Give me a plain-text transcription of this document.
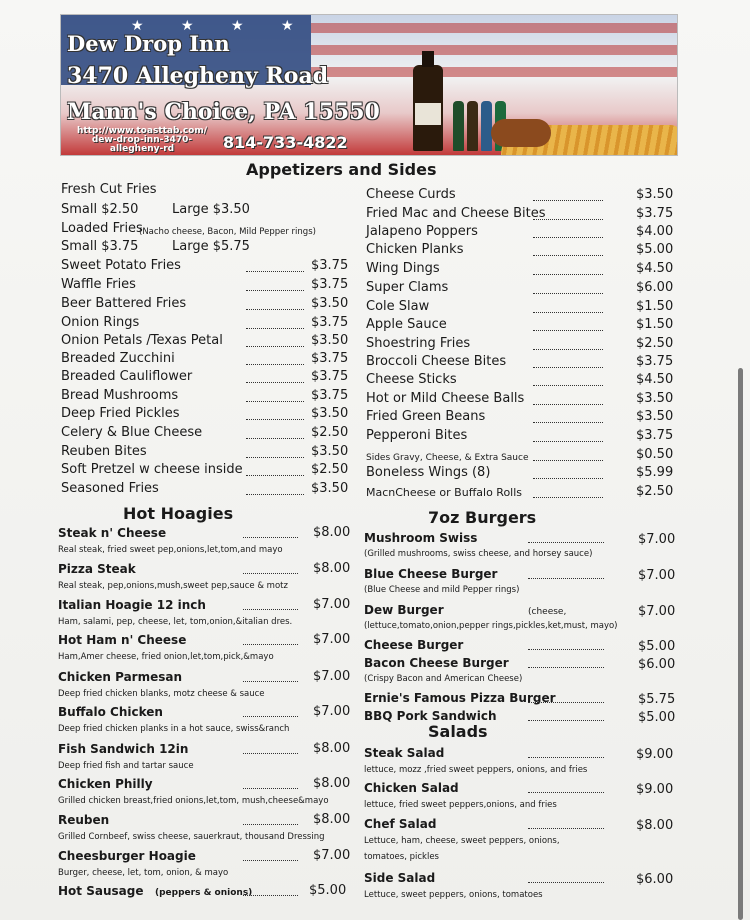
★	★	★	★
Dew Drop Inn
3470 Allegheny Road
Mann's Choice, PA 15550
http://www.toasttab.com/
dew-drop-inn-3470-
allegheny-rd	814-733-4822
Appetizers and Sides
Hot Hoagies	7oz Burgers
Salads
Fresh Cut Fries
Small $2.50	Large $3.50
Loaded Fries
(Nacho cheese, Bacon, Mild Pepper rings)
Small $3.75	Large $5.75
Sweet Potato Fries	$3.75
Waffle Fries	$3.75
Beer Battered Fries	$3.50
Onion Rings	$3.75
Onion Petals /Texas Petal	$3.50
Breaded Zucchini	$3.75
Breaded Cauliflower	$3.75
Bread Mushrooms	$3.75
Deep Fried Pickles	$3.50
Celery & Blue Cheese	$2.50
Reuben Bites	$3.50
Soft Pretzel w cheese inside	$2.50
Seasoned Fries	$3.50
Cheese Curds	$3.50
Fried Mac and Cheese Bites	$3.75
Jalapeno Poppers	$4.00
Chicken Planks	$5.00
Wing Dings	$4.50
Super Clams	$6.00
Cole Slaw	$1.50
Apple Sauce	$1.50
Shoestring Fries	$2.50
Broccoli Cheese Bites	$3.75
Cheese Sticks	$4.50
Hot or Mild Cheese Balls	$3.50
Fried Green Beans	$3.50
Pepperoni Bites	$3.75
Sides Gravy, Cheese, & Extra Sauce	$0.50
Boneless Wings (8)	$5.99
MacnCheese or Buffalo Rolls	$2.50
Steak n' Cheese	$8.00
Real steak, fried sweet pep,onions,let,tom,and mayo
Pizza Steak	$8.00
Real steak, pep,onions,mush,sweet pep,sauce & motz
Italian Hoagie 12 inch	$7.00
Ham, salami, pep, cheese, let, tom,onion,&italian dres.
Hot Ham n' Cheese	$7.00
Ham,Amer cheese, fried onion,let,tom,pick,&mayo
Chicken Parmesan	$7.00
Deep fried chicken blanks, motz cheese & sauce
Buffalo Chicken	$7.00
Deep fried chicken planks in a hot sauce, swiss&ranch
Fish Sandwich 12in	$8.00
Deep fried fish and tartar sauce
Chicken Philly	$8.00
Grilled chicken breast,fried onions,let,tom, mush,cheese&mayo
Reuben	$8.00
Grilled Cornbeef, swiss cheese, sauerkraut, thousand Dressing
Cheesburger Hoagie	$7.00
Burger, cheese, let, tom, onion, & mayo
Hot Sausage (peppers & onions)	$5.00
Mushroom Swiss	$7.00
(Grilled mushrooms, swiss cheese, and horsey sauce)
Blue Cheese Burger	$7.00
(Blue Cheese and mild Pepper rings)
Dew Burger	(cheese,	$7.00
(lettuce,tomato,onion,pepper rings,pickles,ket,must, mayo)
Cheese Burger	$5.00
Bacon Cheese Burger	$6.00
(Crispy Bacon and American Cheese)
Ernie's Famous Pizza Burger	$5.75
BBQ Pork Sandwich	$5.00
Steak Salad	$9.00
lettuce, mozz ,fried sweet peppers, onions, and fries
Chicken Salad	$9.00
lettuce, fried sweet peppers,onions, and fries
Chef Salad	$8.00
Lettuce, ham, cheese, sweet peppers, onions,
tomatoes, pickles
Side Salad	$6.00
Lettuce, sweet peppers, onions, tomatoes
